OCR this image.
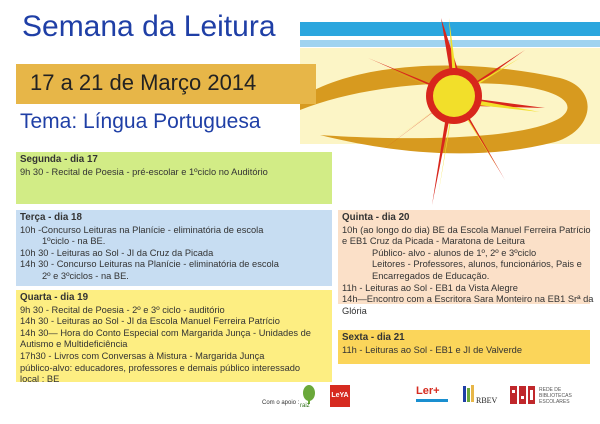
Semana da Leitura
17 a 21 de Março 2014
Tema: Língua Portuguesa
Segunda - dia 17
9h 30 - Recital de Poesia - pré-escolar e 1ºciclo no Auditório
Terça - dia 18
10h -Concurso Leituras na Planície - eliminatória de escola
1ºciclo - na BE.
10h 30 - Leituras ao Sol - JI da Cruz da Picada
14h 30 - Concurso Leituras na Planície - eliminatória de escola
2º e 3ºciclos - na BE.
Quarta - dia 19
9h 30 - Recital de Poesia - 2º e 3º ciclo - auditório
14h 30 - Leituras ao Sol - JI da Escola Manuel Ferreira Patrício
14h 30— Hora do Conto Especial com Margarida Junça - Unidades de
Autismo e Multideficiência
17h30 - Livros com Conversas à Mistura - Margarida Junça
público-alvo: educadores, professores e demais público interessado
local : BE
Quinta - dia 20
10h (ao longo do dia) BE da Escola Manuel Ferreira Patrício
e EB1 Cruz da Picada - Maratona de Leitura
Público- alvo - alunos de 1º, 2º e 3ºciclo
Leitores - Professores, alunos, funcionários, Pais e
Encarregados de Educação.
11h - Leituras ao Sol - EB1 da Vista Alegre
14h—Encontro com a Escritora Sara Monteiro na EB1 Srª da
Glória
Sexta - dia 21
11h - Leituras ao Sol - EB1 e JI de Valverde
Com o apoio : raiz
LeYA	Ler+
RBEV
REDE DE BIBLIOTECAS ESCOLARES
